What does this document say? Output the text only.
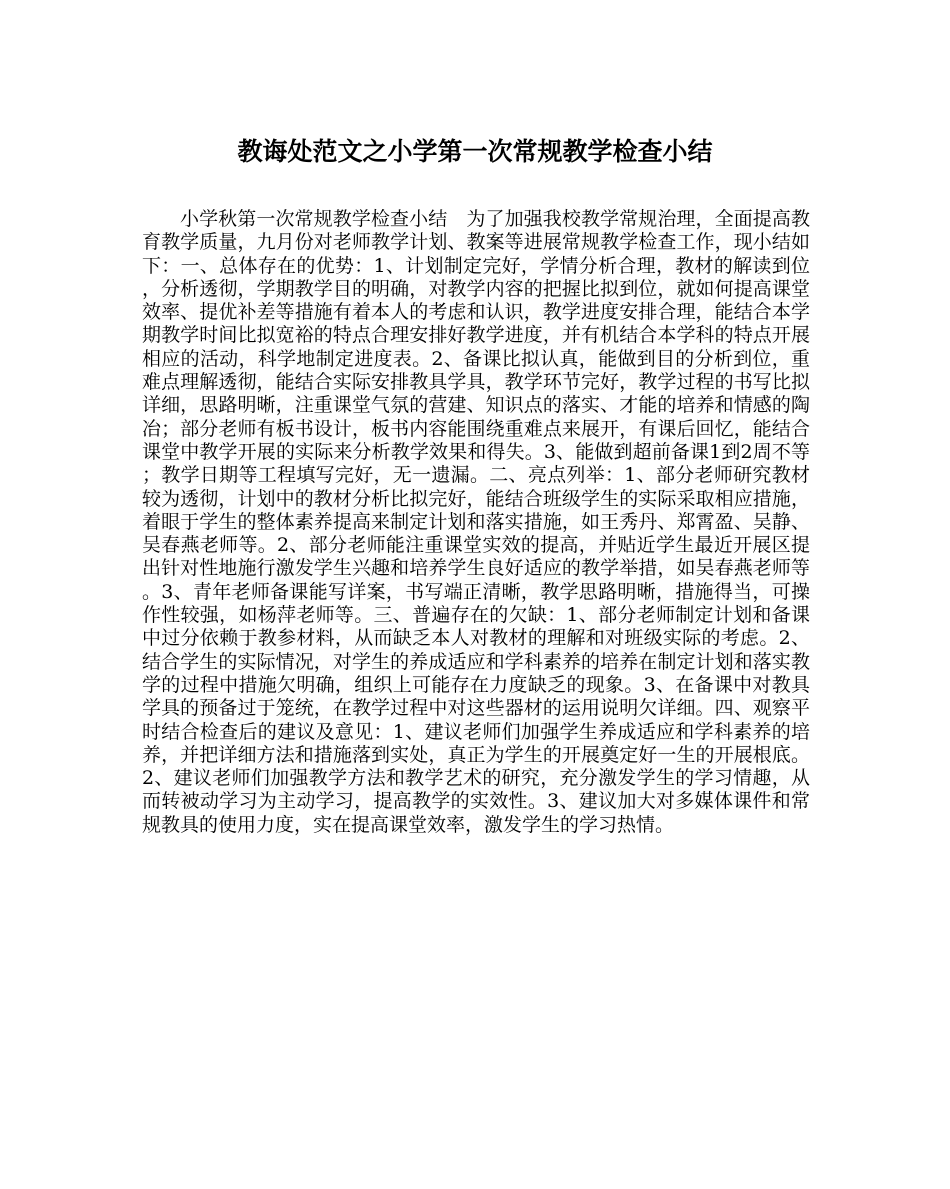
教诲处范文之小学第一次常规教学检查小结

小学秋第一次常规教学检查小结　为了加强我校教学常规治理，全面提高教育教学质量，九月份对老师教学计划、教案等进展常规教学检查工作，现小结如下：一、总体存在的优势：1、计划制定完好，学情分析合理，教材的解读到位，分析透彻，学期教学目的明确，对教学内容的把握比拟到位，就如何提高课堂效率、提优补差等措施有着本人的考虑和认识，教学进度安排合理，能结合本学期教学时间比拟宽裕的特点合理安排好教学进度，并有机结合本学科的特点开展相应的活动，科学地制定进度表。2、备课比拟认真，能做到目的分析到位，重难点理解透彻，能结合实际安排教具学具，教学环节完好，教学过程的书写比拟详细，思路明晰，注重课堂气氛的营建、知识点的落实、才能的培养和情感的陶冶；部分老师有板书设计，板书内容能围绕重难点来展开，有课后回忆，能结合课堂中教学开展的实际来分析教学效果和得失。3、能做到超前备课1到2周不等；教学日期等工程填写完好，无一遗漏。二、亮点列举：1、部分老师研究教材较为透彻，计划中的教材分析比拟完好，能结合班级学生的实际采取相应措施，着眼于学生的整体素养提高来制定计划和落实措施，如王秀丹、郑霄盈、吴静、吴春燕老师等。2、部分老师能注重课堂实效的提高，并贴近学生最近开展区提出针对性地施行激发学生兴趣和培养学生良好适应的教学举措，如吴春燕老师等。3、青年老师备课能写详案，书写端正清晰，教学思路明晰，措施得当，可操作性较强，如杨萍老师等。三、普遍存在的欠缺：1、部分老师制定计划和备课中过分依赖于教参材料，从而缺乏本人对教材的理解和对班级实际的考虑。2、结合学生的实际情况，对学生的养成适应和学科素养的培养在制定计划和落实教学的过程中措施欠明确，组织上可能存在力度缺乏的现象。3、在备课中对教具学具的预备过于笼统，在教学过程中对这些器材的运用说明欠详细。四、观察平时结合检查后的建议及意见：1、建议老师们加强学生养成适应和学科素养的培养，并把详细方法和措施落到实处，真正为学生的开展奠定好一生的开展根底。2、建议老师们加强教学方法和教学艺术的研究，充分激发学生的学习情趣，从而转被动学习为主动学习，提高教学的实效性。3、建议加大对多媒体课件和常规教具的使用力度，实在提高课堂效率，激发学生的学习热情。
